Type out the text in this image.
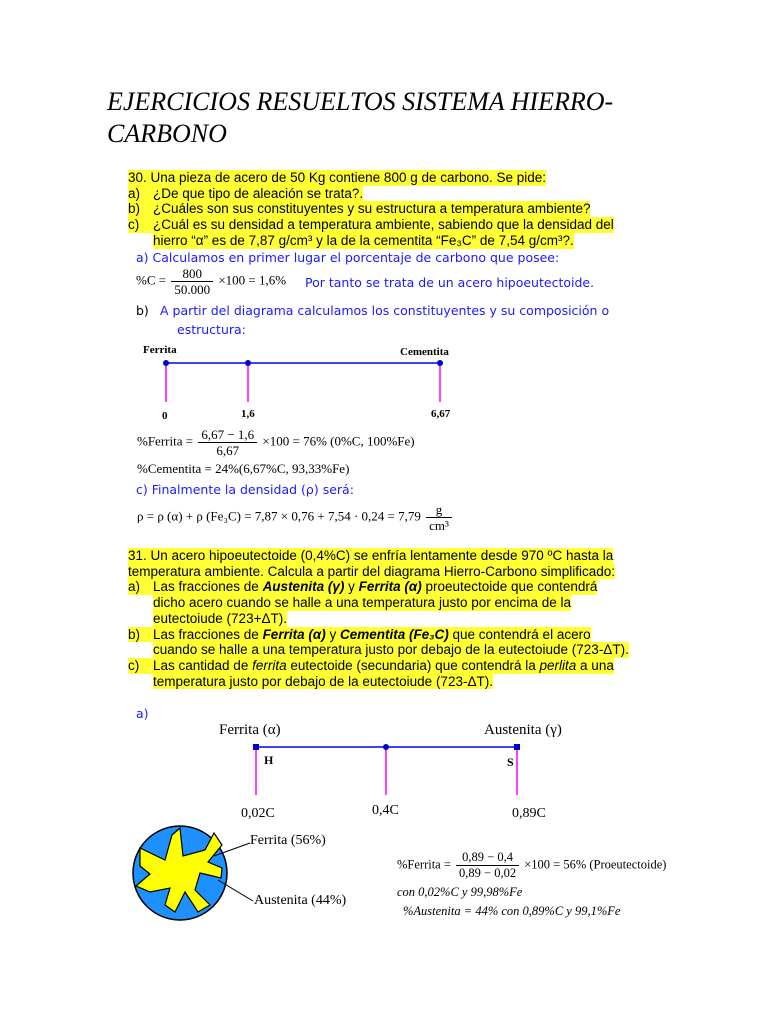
EJERCICIOS RESUELTOS SISTEMA HIERRO-CARBONO
30. Una pieza de acero de 50 Kg contiene 800 g de carbono. Se pide:
a) ¿De que tipo de aleación se trata?.
b) ¿Cuáles son sus constituyentes y su estructura a temperatura ambiente?
c)	¿Cuál es su densidad a temperatura ambiente, sabiendo que la densidad del
hierro “α” es de 7,87 g/cm³ y la de la cementita “Fe₃C” de 7,54 g/cm³?.
a) Calculamos en primer lugar el porcentaje de carbono que posee:
$\%C = \frac{800}{50.000} \times 100 = 1,6\%$ Por tanto se trata de un acero hipoeutectoide.
b) A partir del diagrama calculamos los constituyentes y su composición o
estructura:
Ferrita	Cementita
0	1,6	6,67
%Ferrita = $\frac{6,67 - 1,6}{6,67} \times 100 = 76\%$ (0%C, 100%Fe)
%Cementita = 24%(6,67%C, 93,33%Fe)
c) Finalmente la densidad (ρ) será:
ρ = ρ (α) + ρ $(Fe_3C) = 7,87 \times 0,76 + 7,54 \cdot 0,24 = 7,79 \frac{g}{\text{cm³}}$
31. Un acero hipoeutectoide (0,4%C) se enfría lentamente desde 970 ºC hasta la
temperatura ambiente. Calcula a partir del diagrama Hierro-Carbono simplificado:
a) Las fracciones de Austenita (γ) y Ferrita (α) proeutectoide que contendrá
dicho acero cuando se halle a una temperatura justo por encima de la
eutectoiude (723+ΔT).
b) Las fracciones de Ferrita (α) y Cementita (Fe₃C) que contendrá el acero
cuando se halle a una temperatura justo por debajo de la eutectoiude (723-ΔT).
c)	Las cantidad de ferrita eutectoide (secundaria) que contendrá la perlita a una
temperatura justo por debajo de la eutectoiude (723-ΔT).
a)
Ferrita (α)	Austenita (γ)
H	S
0,02C	0,4C	0,89C
Ferrita (56%)
Austenita (44%)
%Ferrita = $\frac{0,89 - 0,4}{0,89 - 0,02} \times 100 = 56\%$ (Proeutectoide)
con 0,02%C y 99,98%Fe
%Austenita = 44% con 0,89%C y 99,1%Fe
